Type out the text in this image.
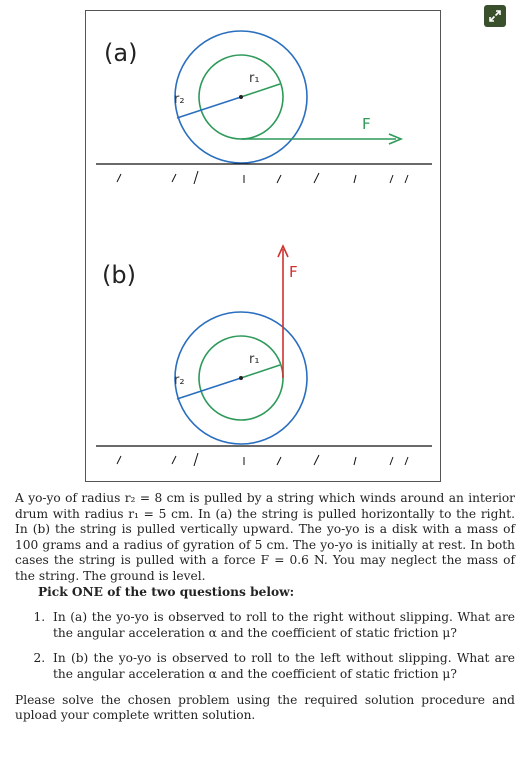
(a)
r₂
r₁
F
(b)
r₂
r₁
F

A yo-yo of radius r₂ = 8 cm is pulled by a string which winds around an interior drum with radius r₁ = 5 cm. In (a) the string is pulled horizontally to the right. In (b) the string is pulled vertically upward. The yo-yo is a disk with a mass of 100 grams and a radius of gyration of 5 cm. The yo-yo is initially at rest. In both cases the string is pulled with a force F = 0.6 N. You may neglect the mass of the string. The ground is level.

Pick ONE of the two questions below:

1. In (a) the yo-yo is observed to roll to the right without slipping. What are the angular acceleration α and the coefficient of static friction μ?
2. In (b) the yo-yo is observed to roll to the left without slipping. What are the angular acceleration α and the coefficient of static friction μ?

Please solve the chosen problem using the required solution procedure and upload your complete written solution.
